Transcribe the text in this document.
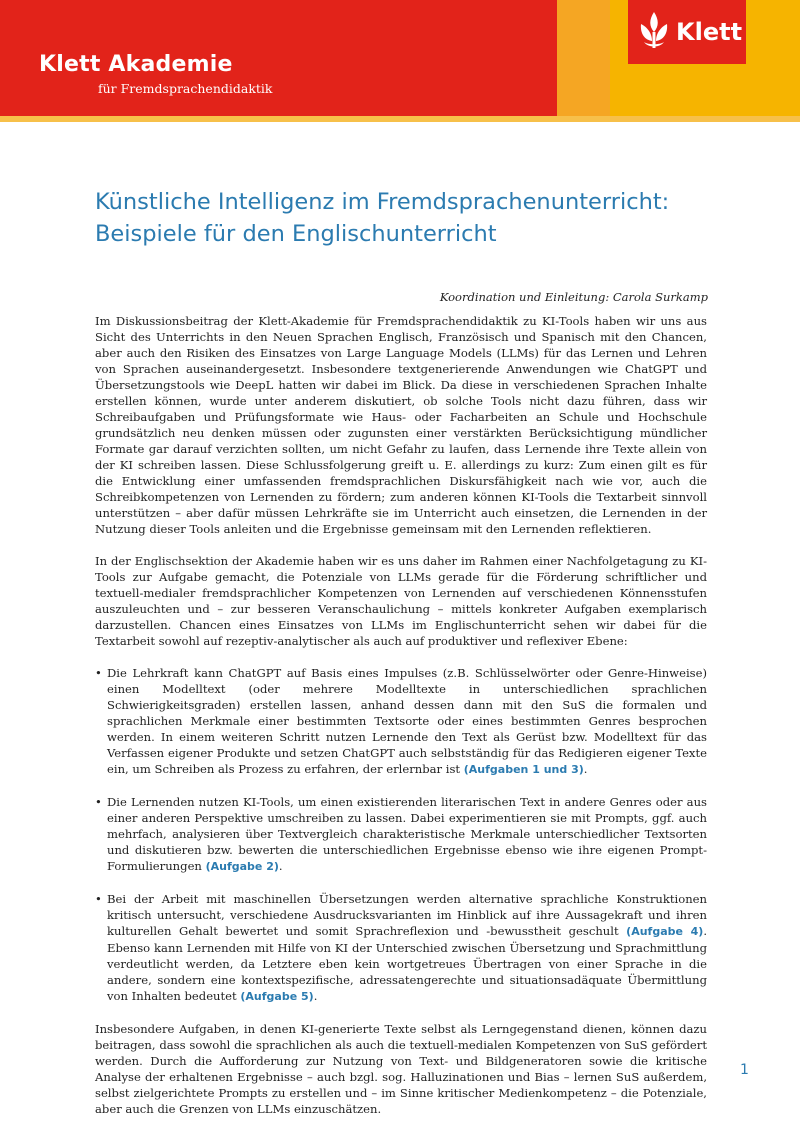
Klett Akademie
für Fremdsprachendidaktik
Klett
Künstliche Intelligenz im Fremdsprachenunterricht:
Beispiele für den Englischunterricht
Koordination und Einleitung: Carola Surkamp

Im Diskussionsbeitrag der Klett-Akademie für Fremdsprachendidaktik zu KI-Tools haben wir uns aus Sicht des Unterrichts in den Neuen Sprachen Englisch, Französisch und Spanisch mit den Chancen, aber auch den Risiken des Einsatzes von Large Language Models (LLMs) für das Lernen und Lehren von Sprachen auseinandergesetzt. Insbesondere textgenerierende Anwendungen wie ChatGPT und Übersetzungstools wie DeepL hatten wir dabei im Blick. Da diese in verschiedenen Sprachen Inhalte erstellen können, wurde unter anderem diskutiert, ob solche Tools nicht dazu führen, dass wir Schreibaufgaben und Prüfungsformate wie Haus- oder Facharbeiten an Schule und Hochschule grundsätzlich neu denken müssen oder zugunsten einer verstärkten Berücksichtigung mündlicher Formate gar darauf verzichten sollten, um nicht Gefahr zu laufen, dass Lernende ihre Texte allein von der KI schreiben lassen. Diese Schlussfolgerung greift u. E. allerdings zu kurz: Zum einen gilt es für die Entwicklung einer umfassenden fremdsprachlichen Diskursfähigkeit nach wie vor, auch die Schreibkompetenzen von Lernenden zu fördern; zum anderen können KI-Tools die Textarbeit sinnvoll unterstützen – aber dafür müssen Lehrkräfte sie im Unterricht auch einsetzen, die Lernenden in der Nutzung dieser Tools anleiten und die Ergebnisse gemeinsam mit den Lernenden reflektieren.

In der Englischsektion der Akademie haben wir es uns daher im Rahmen einer Nachfolgetagung zu KI-Tools zur Aufgabe gemacht, die Potenziale von LLMs gerade für die Förderung schriftlicher und textuell-medialer fremdsprachlicher Kompetenzen von Lernenden auf verschiedenen Könnensstufen auszuleuchten und – zur besseren Veranschaulichung – mittels konkreter Aufgaben exemplarisch darzustellen. Chancen eines Einsatzes von LLMs im Englischunterricht sehen wir dabei für die Textarbeit sowohl auf rezeptiv-analytischer als auch auf produktiver und reflexiver Ebene:

• Die Lehrkraft kann ChatGPT auf Basis eines Impulses (z.B. Schlüsselwörter oder Genre-Hinweise) einen Modelltext (oder mehrere Modelltexte in unterschiedlichen sprachlichen Schwierigkeitsgraden) erstellen lassen, anhand dessen dann mit den SuS die formalen und sprachlichen Merkmale einer bestimmten Textsorte oder eines bestimmten Genres besprochen werden. In einem weiteren Schritt nutzen Lernende den Text als Gerüst bzw. Modelltext für das Verfassen eigener Produkte und setzen ChatGPT auch selbstständig für das Redigieren eigener Texte ein, um Schreiben als Prozess zu erfahren, der erlernbar ist (Aufgaben 1 und 3).
• Die Lernenden nutzen KI-Tools, um einen existierenden literarischen Text in andere Genres oder aus einer anderen Perspektive umschreiben zu lassen. Dabei experimentieren sie mit Prompts, ggf. auch mehrfach, analysieren über Textvergleich charakteristische Merkmale unterschiedlicher Textsorten und diskutieren bzw. bewerten die unterschiedlichen Ergebnisse ebenso wie ihre eigenen Prompt-Formulierungen (Aufgabe 2).
• Bei der Arbeit mit maschinellen Übersetzungen werden alternative sprachliche Konstruktionen kritisch untersucht, verschiedene Ausdrucksvarianten im Hinblick auf ihre Aussagekraft und ihren kulturellen Gehalt bewertet und somit Sprachreflexion und -bewusstheit geschult (Aufgabe 4). Ebenso kann Lernenden mit Hilfe von KI der Unterschied zwischen Übersetzung und Sprachmittlung verdeutlicht werden, da Letztere eben kein wortgetreues Übertragen von einer Sprache in die andere, sondern eine kontextspezifische, adressatengerechte und situationsadäquate Übermittlung von Inhalten bedeutet (Aufgabe 5).

Insbesondere Aufgaben, in denen KI-generierte Texte selbst als Lerngegenstand dienen, können dazu beitragen, dass sowohl die sprachlichen als auch die textuell-medialen Kompetenzen von SuS gefördert werden. Durch die Aufforderung zur Nutzung von Text- und Bildgeneratoren sowie die kritische Analyse der erhaltenen Ergebnisse – auch bzgl. sog. Halluzinationen und Bias – lernen SuS außerdem, selbst zielgerichtete Prompts zu erstellen und – im Sinne kritischer Medienkompetenz – die Potenziale, aber auch die Grenzen von LLMs einzuschätzen.

1
